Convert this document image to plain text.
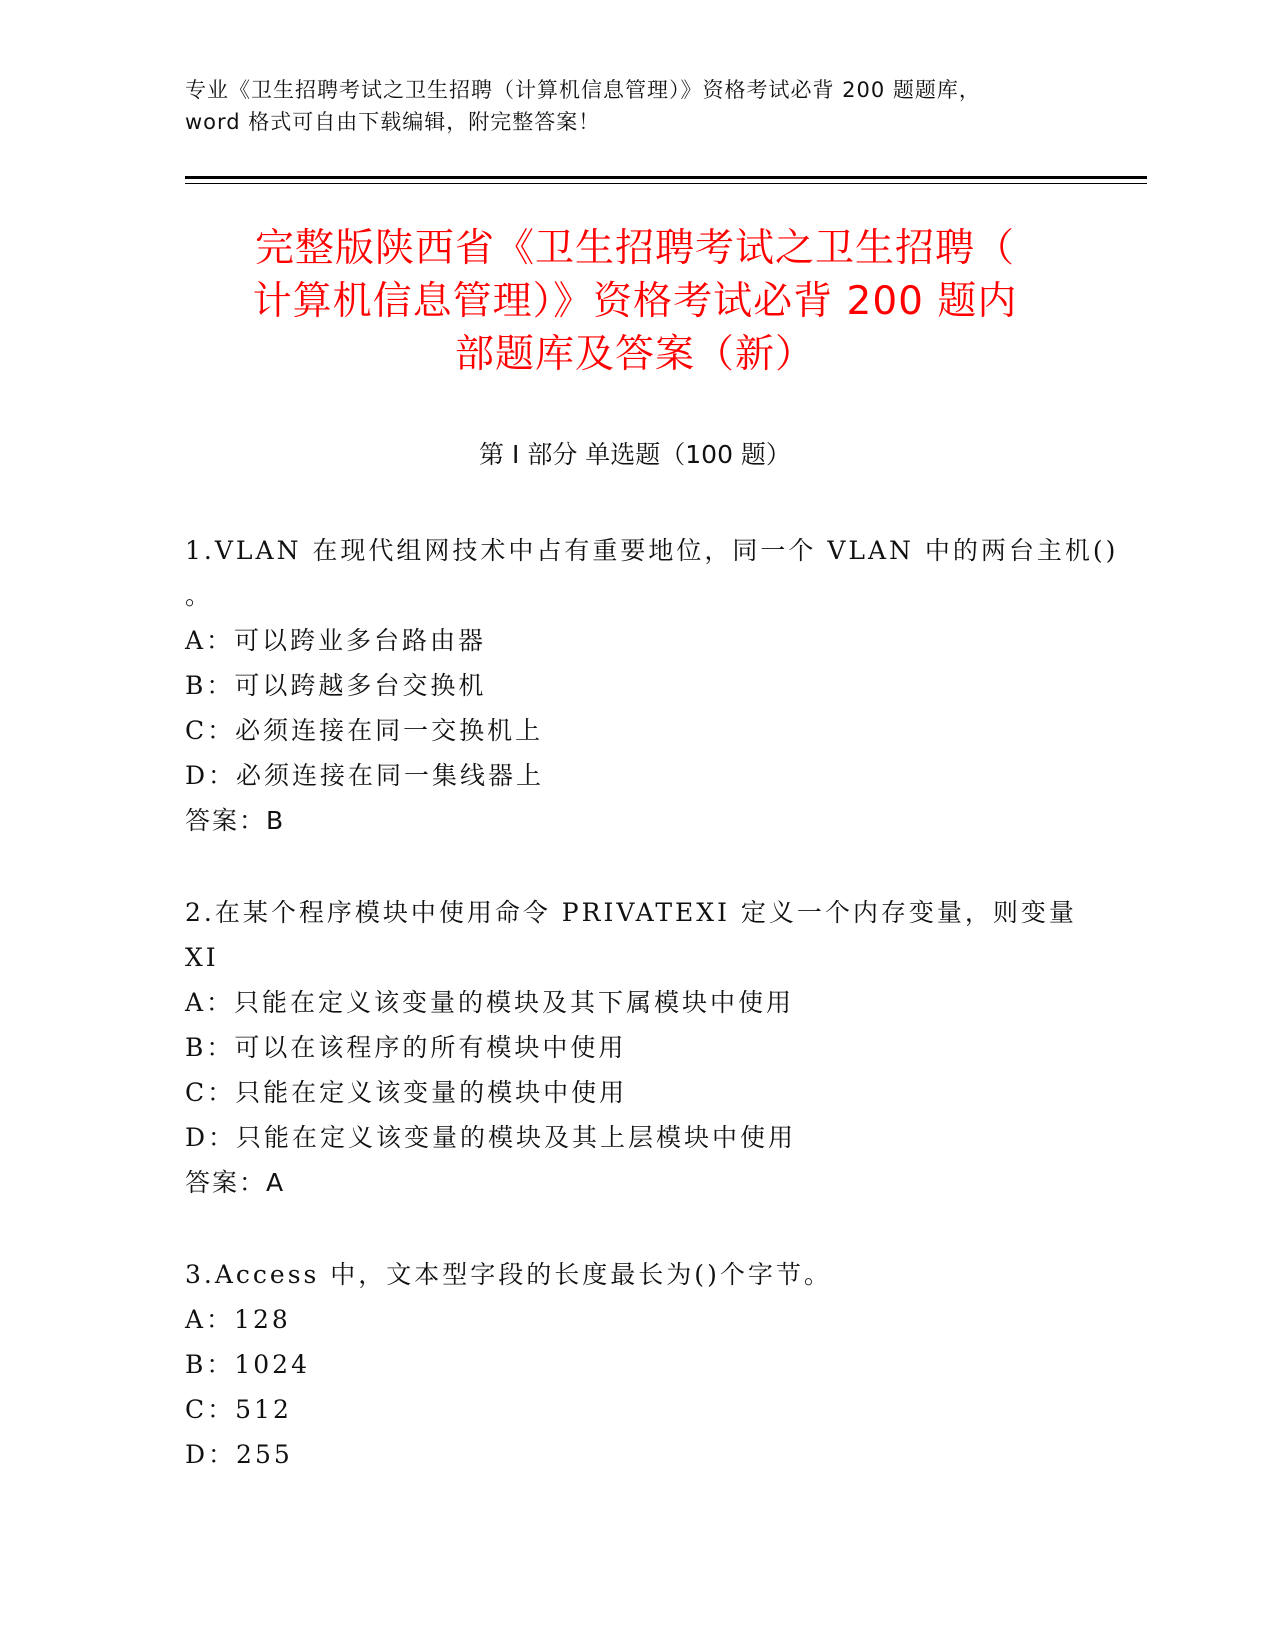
专业《卫生招聘考试之卫生招聘（计算机信息管理）》资格考试必背 200 题题库，
word 格式可自由下载编辑，附完整答案！
完整版陕西省《卫生招聘考试之卫生招聘（
计算机信息管理）》资格考试必背 200 题内
部题库及答案（新）
第 I 部分 单选题（100 题）
1.VLAN 在现代组网技术中占有重要地位，同一个 VLAN 中的两台主机()
。
A：可以跨业多台路由器
B：可以跨越多台交换机
C：必须连接在同一交换机上
D：必须连接在同一集线器上
答案：B
2.在某个程序模块中使用命令 PRIVATEXI 定义一个内存变量，则变量
XI
A：只能在定义该变量的模块及其下属模块中使用
B：可以在该程序的所有模块中使用
C：只能在定义该变量的模块中使用
D：只能在定义该变量的模块及其上层模块中使用
答案：A
3.Access 中，文本型字段的长度最长为()个字节。
A：128
B：1024
C：512
D：255
